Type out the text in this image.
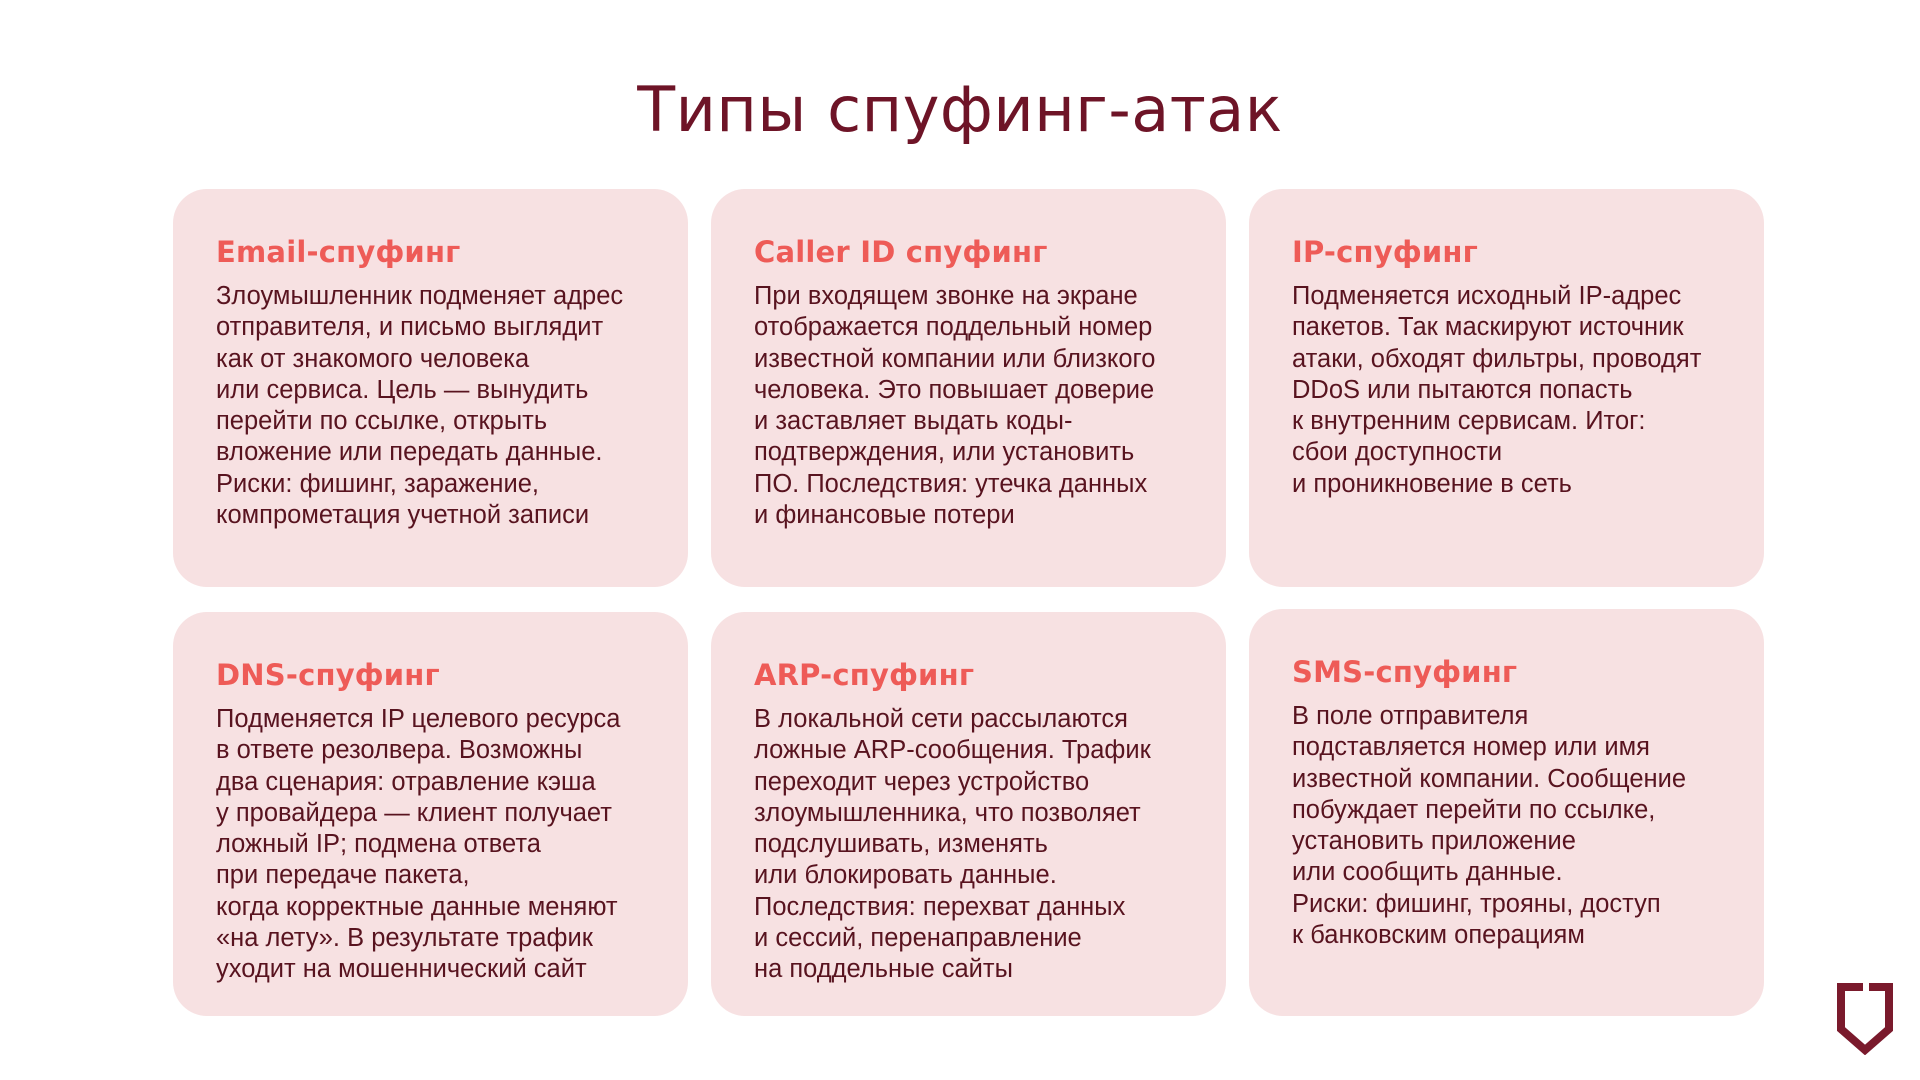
Типы спуфинг-атак
Email-спуфинг

Злоумышленник подменяет адрес
отправителя, и письмо выглядит
как от знакомого человека
или сервиса. Цель — вынудить
перейти по ссылке, открыть
вложение или передать данные.
Риски: фишинг, заражение,
компрометация учетной записи

Caller ID спуфинг

При входящем звонке на экране
отображается поддельный номер
известной компании или близкого
человека. Это повышает доверие
и заставляет выдать коды-
подтверждения, или установить
ПО. Последствия: утечка данных
и финансовые потери

IP-спуфинг

Подменяется исходный IP-адрес
пакетов. Так маскируют источник
атаки, обходят фильтры, проводят
DDoS или пытаются попасть
к внутренним сервисам. Итог:
сбои доступности
и проникновение в сеть

DNS-спуфинг

Подменяется IP целевого ресурса
в ответе резолвера. Возможны
два сценария: отравление кэша
у провайдера — клиент получает
ложный IP; подмена ответа
при передаче пакета,
когда корректные данные меняют
«на лету». В результате трафик
уходит на мошеннический сайт

ARP-спуфинг

В локальной сети рассылаются
ложные ARP-сообщения. Трафик
переходит через устройство
злоумышленника, что позволяет
подслушивать, изменять
или блокировать данные.
Последствия: перехват данных
и сессий, перенаправление
на поддельные сайты

SMS-спуфинг

В поле отправителя
подставляется номер или имя
известной компании. Сообщение
побуждает перейти по ссылке,
установить приложение
или сообщить данные.
Риски: фишинг, трояны, доступ
к банковским операциям
